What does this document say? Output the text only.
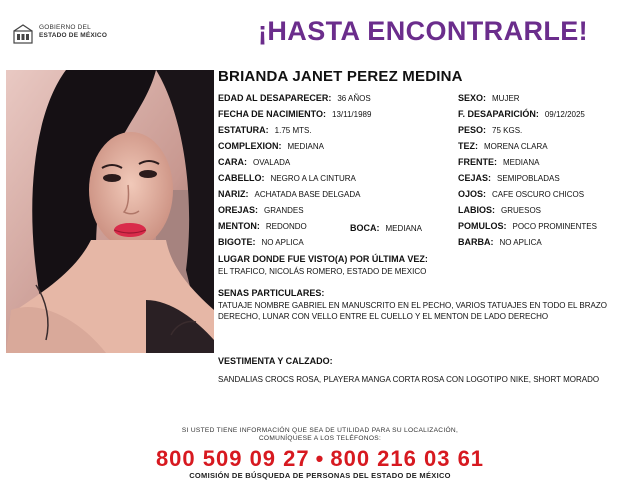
GOBIERNO DEL
ESTADO DE MÉXICO	¡HASTA ENCONTRARLE!
BRIANDA JANET PEREZ MEDINA
EDAD AL DESAPARECER: 36 AÑOS
FECHA DE NACIMIENTO: 13/11/1989
ESTATURA: 1.75 MTS.
COMPLEXION: MEDIANA
CARA: OVALADA
CABELLO: NEGRO A LA CINTURA
NARIZ: ACHATADA BASE DELGADA
OREJAS: GRANDES
MENTON: REDONDO
BIGOTE: NO APLICA
BOCA: MEDIANA
SEXO: MUJER
F. DESAPARICIÓN: 09/12/2025
PESO: 75 KGS.
TEZ: MORENA CLARA
FRENTE: MEDIANA
CEJAS: SEMIPOBLADAS
OJOS: CAFE OSCURO CHICOS
LABIOS: GRUESOS
POMULOS: POCO PROMINENTES
BARBA: NO APLICA
LUGAR DONDE FUE VISTO(A) POR ÚLTIMA VEZ:
EL TRAFICO, NICOLÁS ROMERO, ESTADO DE MEXICO
SENAS PARTICULARES:
TATUAJE NOMBRE GABRIEL EN MANUSCRITO EN EL PECHO, VARIOS TATUAJES EN TODO EL BRAZO DERECHO, LUNAR CON VELLO ENTRE EL CUELLO Y EL MENTON DE LADO DERECHO
VESTIMENTA Y CALZADO:
SANDALIAS CROCS ROSA, PLAYERA MANGA CORTA ROSA CON LOGOTIPO NIKE, SHORT MORADO
SI USTED TIENE INFORMACIÓN QUE SEA DE UTILIDAD PARA SU LOCALIZACIÓN,
COMUNÍQUESE A LOS TELÉFONOS:
800 509 09 27 • 800 216 03 61
COMISIÓN DE BÚSQUEDA DE PERSONAS DEL ESTADO DE MÉXICO
